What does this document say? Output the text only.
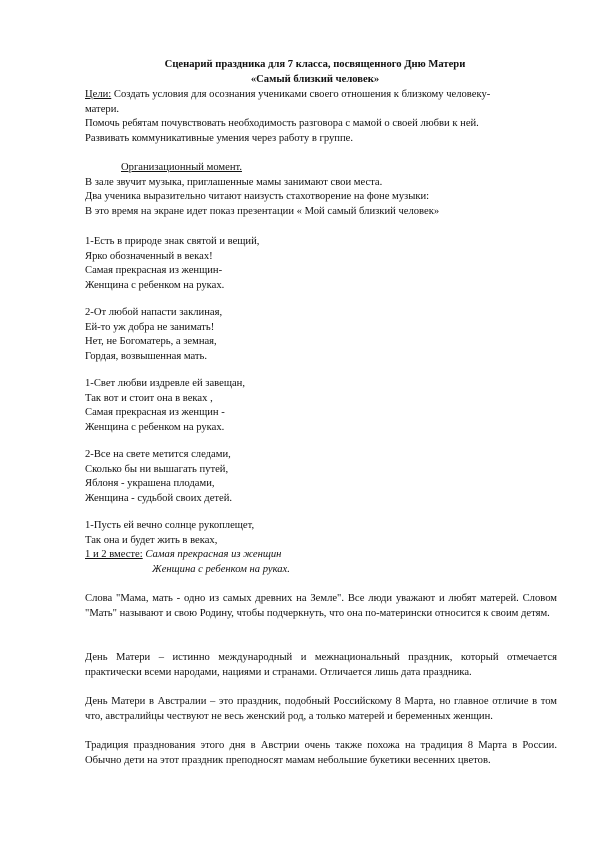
Сценарий праздника для 7 класса, посвященного Дню Матери
«Самый близкий человек»
Цели: Создать условия для осознания учениками своего отношения к близкому человеку-
матери.
Помочь ребятам почувствовать необходимость разговора с мамой о своей любви к ней.
Развивать коммуникативные умения через работу в группе.
Организационный момент.
В зале звучит музыка, приглашенные мамы занимают свои места.
Два ученика выразительно читают наизусть стахотворение на фоне музыки:
В это время на экране идет показ презентации « Мой самый близкий человек»
1-Есть в природе знак святой и вещий,
Ярко обозначенный в веках!
Самая прекрасная из женщин-
Женщина с ребенком на руках.
2-От любой напасти заклиная,
Ей-то уж добра не занимать!
Нет, не Богоматерь, а земная,
Гордая, возвышенная мать.
1-Свет любви издревле ей завещан,
Так вот и стоит она в веках ,
Самая прекрасная из женщин -
Женщина с ребенком на руках.
2-Все на свете метится следами,
Сколько бы ни вышагать путей,
Яблоня - украшена плодами,
Женщина - судьбой своих детей.
1-Пусть ей вечно солнце рукоплещет,
Так она и будет жить в веках,
1 и 2 вместе: Самая прекрасная из женщин
Женщина с ребенком на руках.
Слова "Мама, мать - одно из самых древних на Земле". Все люди уважают и любят матерей. Словом "Мать" называют и свою Родину, чтобы подчеркнуть, что она по-матерински относится к своим детям.
День Матери – истинно международный и межнациональный праздник, который отмечается практически всеми народами, нациями и странами. Отличается лишь дата праздника.
День Матери в Австралии – это праздник, подобный Российскому 8 Марта, но главное отличие в том что, австралийцы чествуют не весь женский род, а только матерей и беременных женщин.
Традиция празднования этого дня в Австрии очень также похожа на традиция 8 Марта в России. Обычно дети на этот праздник преподносят мамам небольшие букетики весенних цветов.
